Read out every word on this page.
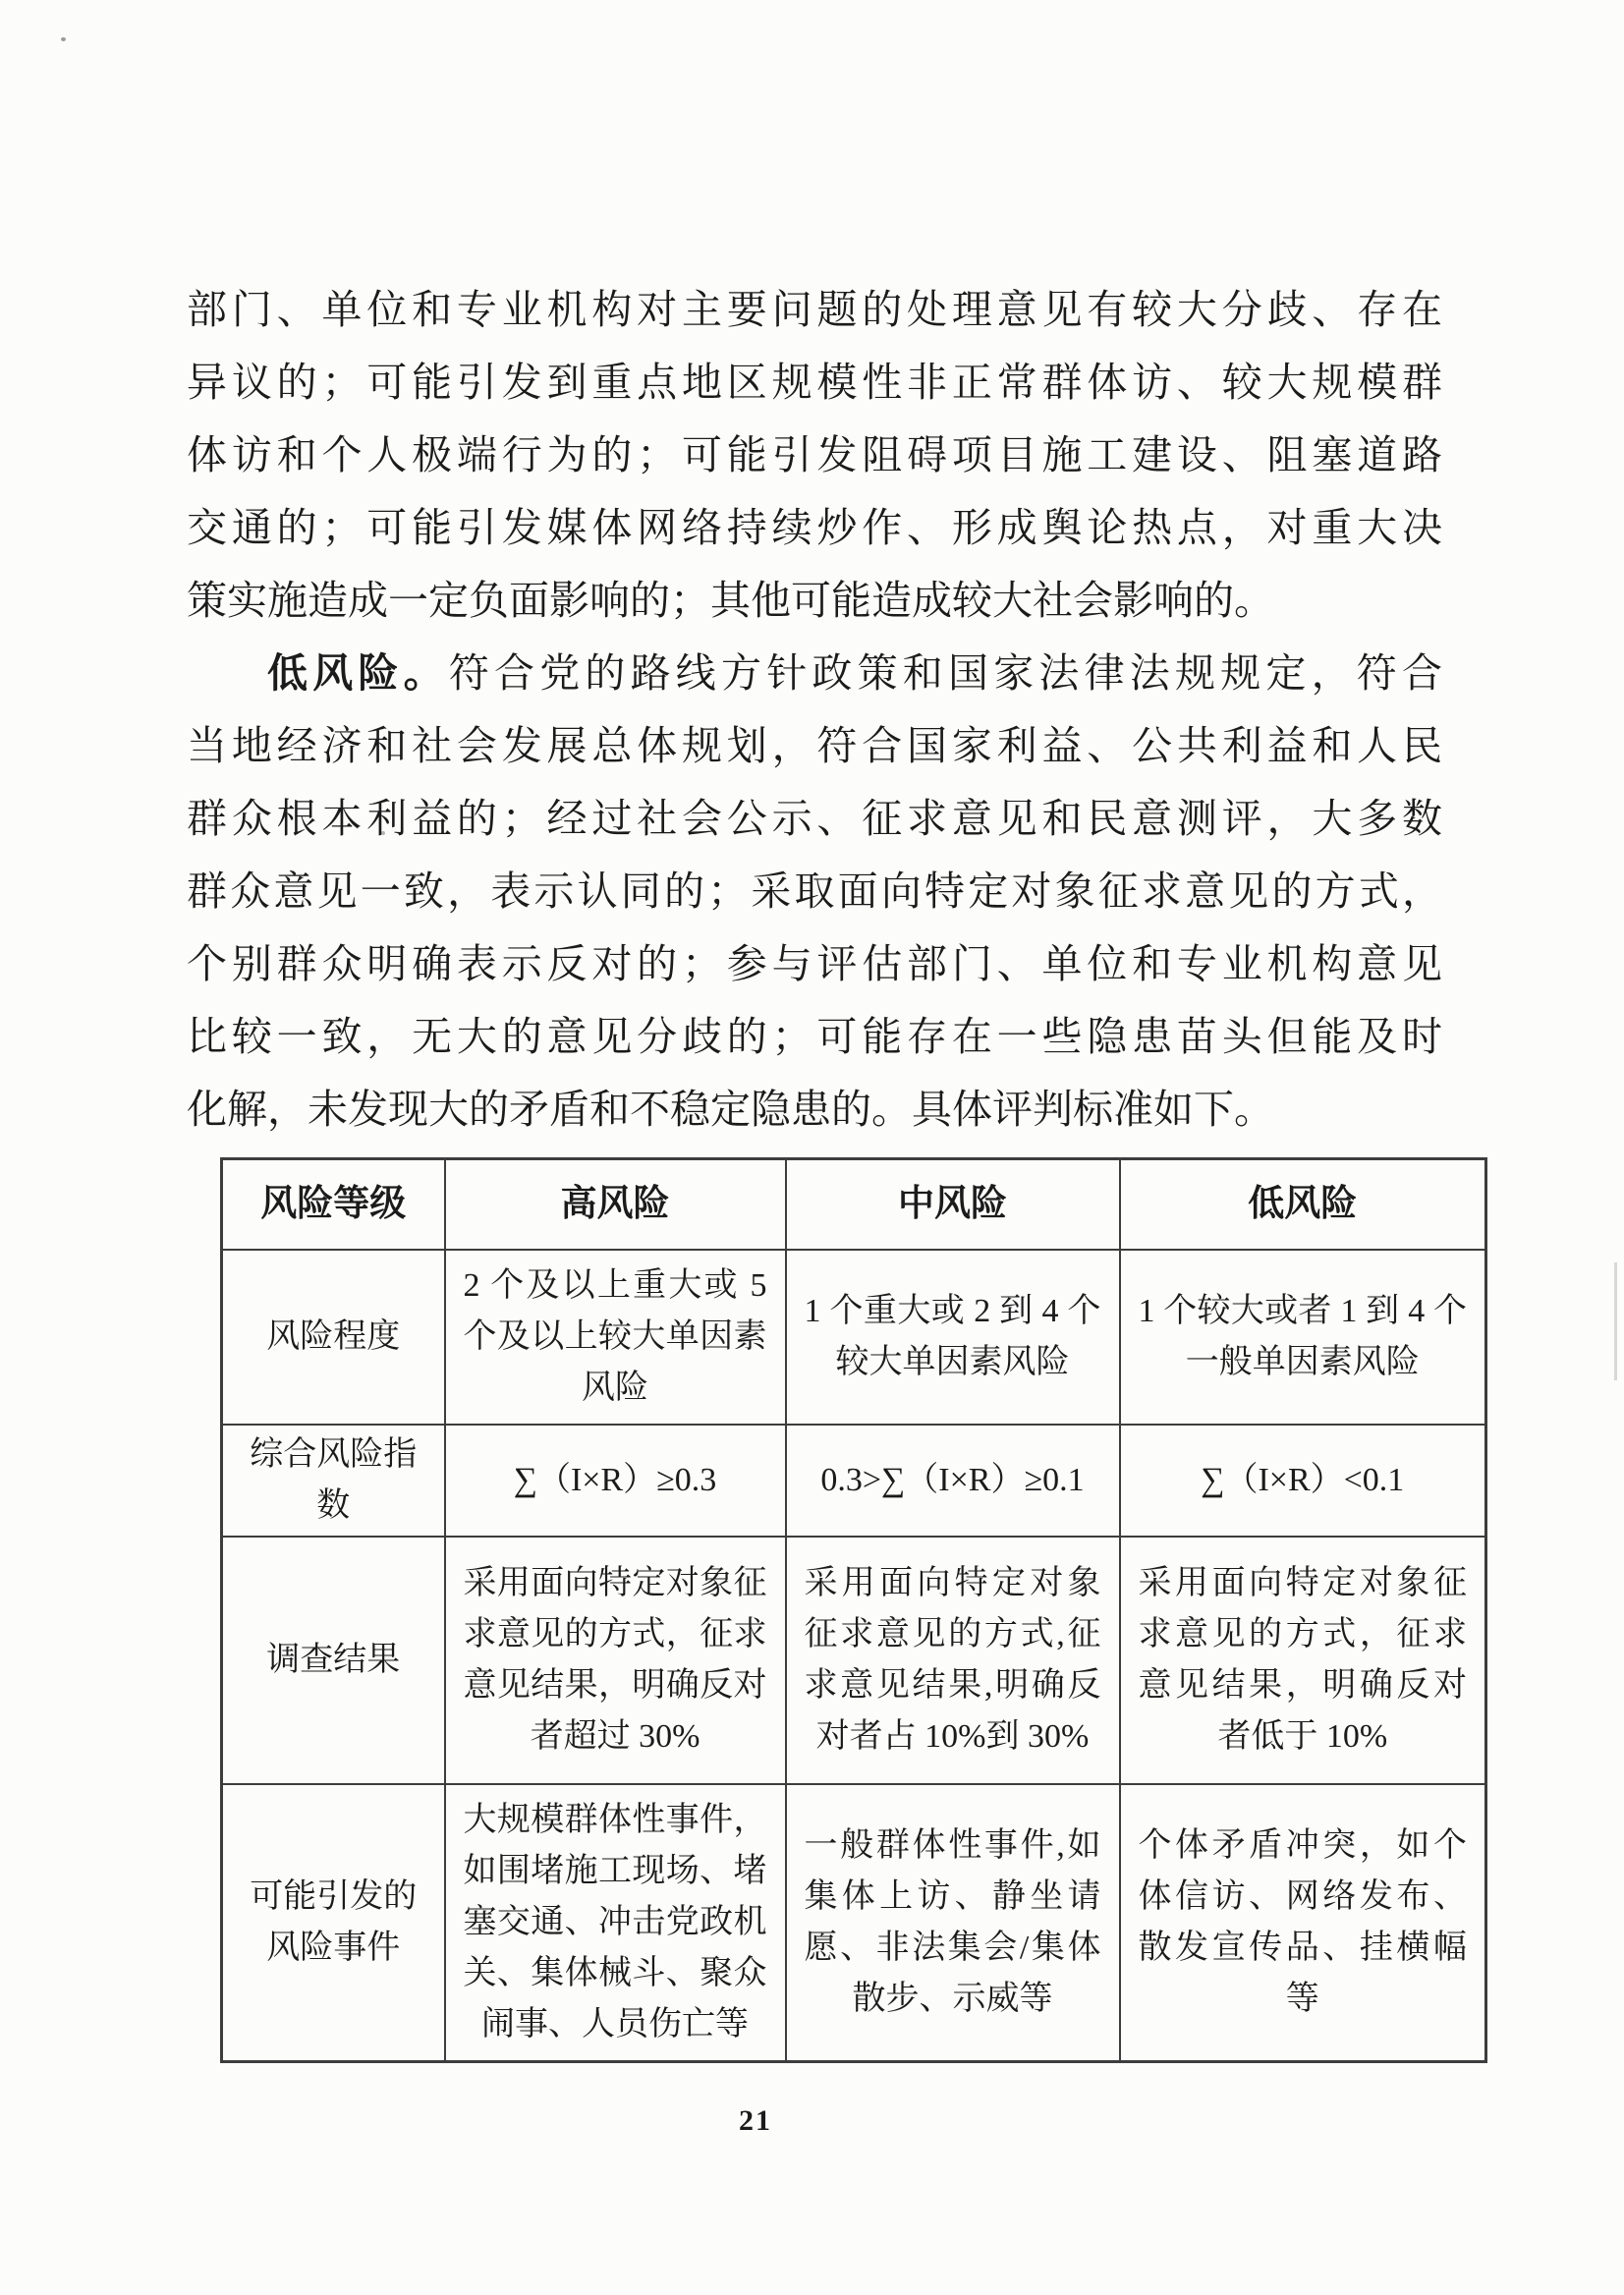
部门、单位和专业机构对主要问题的处理意见有较大分歧、存在
异议的；可能引发到重点地区规模性非正常群体访、较大规模群
体访和个人极端行为的；可能引发阻碍项目施工建设、阻塞道路
交通的；可能引发媒体网络持续炒作、形成舆论热点，对重大决
策实施造成一定负面影响的；其他可能造成较大社会影响的。
低风险。符合党的路线方针政策和国家法律法规规定，符合
当地经济和社会发展总体规划，符合国家利益、公共利益和人民
群众根本利益的；经过社会公示、征求意见和民意测评，大多数
群众意见一致，表示认同的；采取面向特定对象征求意见的方式，
个别群众明确表示反对的；参与评估部门、单位和专业机构意见
比较一致，无大的意见分歧的；可能存在一些隐患苗头但能及时
化解，未发现大的矛盾和不稳定隐患的。具体评判标准如下。
风险等级	高风险	中风险	低风险
风险程度	2 个及以上重大或 5 个及以上较大单因素风险	1 个重大或 2 到 4 个较大单因素风险	1 个较大或者 1 到 4 个一般单因素风险
综合风险指数	∑（I×R）≥0.3	0.3>∑（I×R）≥0.1	∑（I×R）<0.1
调查结果	采用面向特定对象征求意见的方式，征求意见结果，明确反对者超过 30%	采用面向特定对象征求意见的方式,征求意见结果,明确反对者占 10%到 30%	采用面向特定对象征求意见的方式，征求意见结果，明确反对者低于 10%
可能引发的风险事件	大规模群体性事件，如围堵施工现场、堵塞交通、冲击党政机关、集体械斗、聚众闹事、人员伤亡等	一般群体性事件,如集体上访、静坐请愿、非法集会/集体散步、示威等	个体矛盾冲突，如个体信访、网络发布、散发宣传品、挂横幅等
21
